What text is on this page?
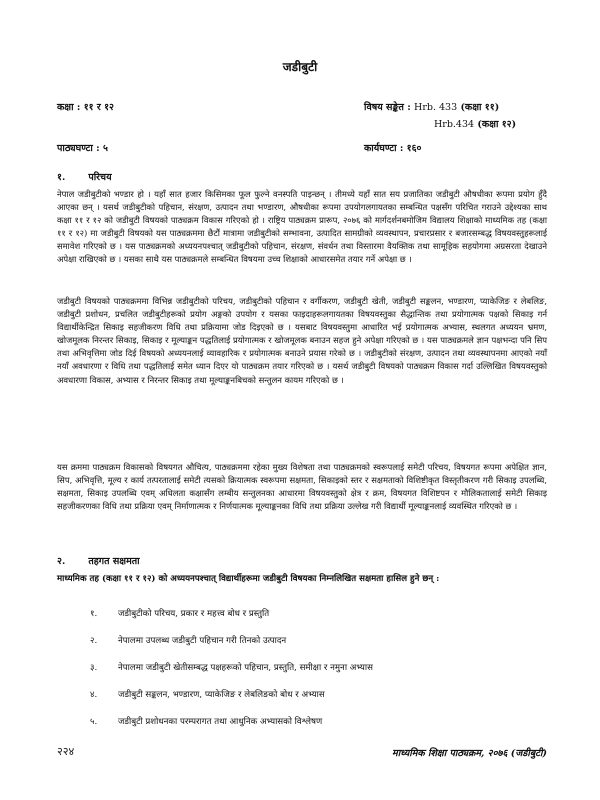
जडीबुटी
कक्षा : ११ र १२	विषय सङ्केत : Hrb. 433 (कक्षा ११)
Hrb.434 (कक्षा १२)
पाठ्यघण्टा : ५	कार्यघण्टा : १६०
१. परिचय

नेपाल जडीबुटीको भण्डार हो । यहाँ सात हजार किसिमका फूल फुल्ने वनस्पति पाइन्छन् । तीमध्ये यहाँ सात सय प्रजातिका जडीबुटी औषधीका रूपमा प्रयोग हुँदै आएका छन् । यसर्थ जडीबुटीको पहिचान, संरक्षण, उत्पादन तथा भण्डारण, औषधीका रूपमा उपयोगलगायतका सम्बन्धित पक्षसँग परिचित गराउने उद्देश्यका साथ कक्षा ११ र १२ को जडीबुटी विषयको पाठ्यक्रम विकास गरिएको हो । राष्ट्रिय पाठ्यक्रम प्रारूप, २०७६ को मार्गदर्शनबमोजिम विद्यालय शिक्षाको माध्यमिक तह (कक्षा ११ र १२) मा जडीबुटी विषयको यस पाठ्यक्रममा छैटौं मात्रामा जडीबुटीको सम्भावना, उत्पादित सामग्रीको व्यवस्थापन, प्रचारप्रसार र बजारसम्बद्ध विषयवस्तुहरूलाई समावेश गरिएको छ । यस पाठ्यक्रमको अध्ययनपश्चात् जडीबुटीको पहिचान, संरक्षण, संवर्धन तथा विस्तारमा वैयक्तिक तथा सामूहिक सहयोगमा अग्रसरता देखाउने अपेक्षा राखिएको छ । यसका साथै यस पाठ्यक्रमले सम्बन्धित विषयमा उच्च शिक्षाको आधारसमेत तयार गर्ने अपेक्षा छ ।

जडीबुटी विषयको पाठ्यक्रममा विभिन्न जडीबुटीको परिचय, जडीबुटीको पहिचान र वर्गीकरण, जडीबुटी खेती, जडीबुटी सङ्कलन, भण्डारण, प्याकेजिङ र लेबलिङ, जडीबुटी प्रशोधन, प्रचलित जडीबुटीहरूको प्रयोग अङ्गको उपयोग र यसका फाइदाहरूलगायतका विषयवस्तुका सैद्धान्तिक तथा प्रयोगात्मक पक्षको सिकाइ गर्न विद्यार्थीकेन्द्रित सिकाइ सहजीकरण विधि तथा प्रक्रियामा जोड दिइएको छ । यसबाट विषयवस्तुमा आधारित भई प्रयोगात्मक अभ्यास, स्थलगत अध्ययन भ्रमण, खोजमूलक निरन्तर सिकाइ, सिकाइ र मूल्याङ्कन पद्धतिलाई प्रयोगात्मक र खोजमूलक बनाउन सहज हुने अपेक्षा गरिएको छ । यस पाठ्यक्रमले ज्ञान पक्षभन्दा पनि सिप तथा अभिवृत्तिमा जोड दिई विषयको अध्ययनलाई व्यावहारिक र प्रयोगात्मक बनाउने प्रयास गरेको छ । जडीबुटीको संरक्षण, उत्पादन तथा व्यवस्थापनमा आएको नयाँ नयाँ अवधारणा र विधि तथा पद्धतिलाई समेत ध्यान दिएर यो पाठ्यक्रम तयार गरिएको छ । यसर्थ जडीबुटी विषयको पाठ्यक्रम विकास गर्दा उल्लिखित विषयवस्तुको अवधारणा विकास, अभ्यास र निरन्तर सिकाइ तथा मूल्याङ्कनबिचको सन्तुलन कायम गरिएको छ ।

यस क्रममा पाठ्यक्रम विकासको विषयगत औचित्य, पाठ्यक्रममा रहेका मुख्य विशेषता तथा पाठ्यक्रमको स्वरूपलाई समेटी परिचय, विषयगत रूपमा अपेक्षित ज्ञान, सिप, अभिवृत्ति, मूल्य र कार्य तत्परतालाई समेटी त्यसको क्रियात्मक स्वरूपमा सक्षमता, सिकाइको स्तर र सक्षमताको विशिष्टीकृत विस्तृतीकरण गरी सिकाइ उपलब्धि, सक्षमता, सिकाइ उपलब्धि एवम् अधिलता कक्षासँग लम्बीय सन्तुलनका आधारमा विषयवस्तुको क्षेत्र र क्रम, विषयगत विशिष्टपन र मौलिकतालाई समेटी सिकाइ सहजीकरणका विधि तथा प्रक्रिया एवम् निर्माणात्मक र निर्णयात्मक मूल्याङ्कनका विधि तथा प्रक्रिया उल्लेख गरी विद्यार्थी मूल्याङ्कनलाई व्यवस्थित गरिएको छ ।

२. तहगत सक्षमता

माध्यमिक तह (कक्षा ११ र १२) को अध्ययनपश्चात् विद्यार्थीहरूमा जडीबुटी विषयका निम्नलिखित सक्षमता हासिल हुने छन् :

१.	जडीबुटीको परिचय, प्रकार र महत्त्व बोध र प्रस्तुति
२.	नेपालमा उपलब्ध जडीबुटी पहिचान गरी तिनको उत्पादन
३.	नेपालमा जडीबुटी खेतीसम्बद्ध पक्षहरूको पहिचान, प्रस्तुति, समीक्षा र नमुना अभ्यास
४.	जडीबुटी सङ्कलन, भण्डारण, प्याकेजिङ र लेबलिङको बोध र अभ्यास
५.	जडीबुटी प्रशोधनका परम्परागत तथा आधुनिक अभ्यासको विश्लेषण
२२४	माध्यमिक शिक्षा पाठ्यक्रम, २०७६ (जडीबुटी)
